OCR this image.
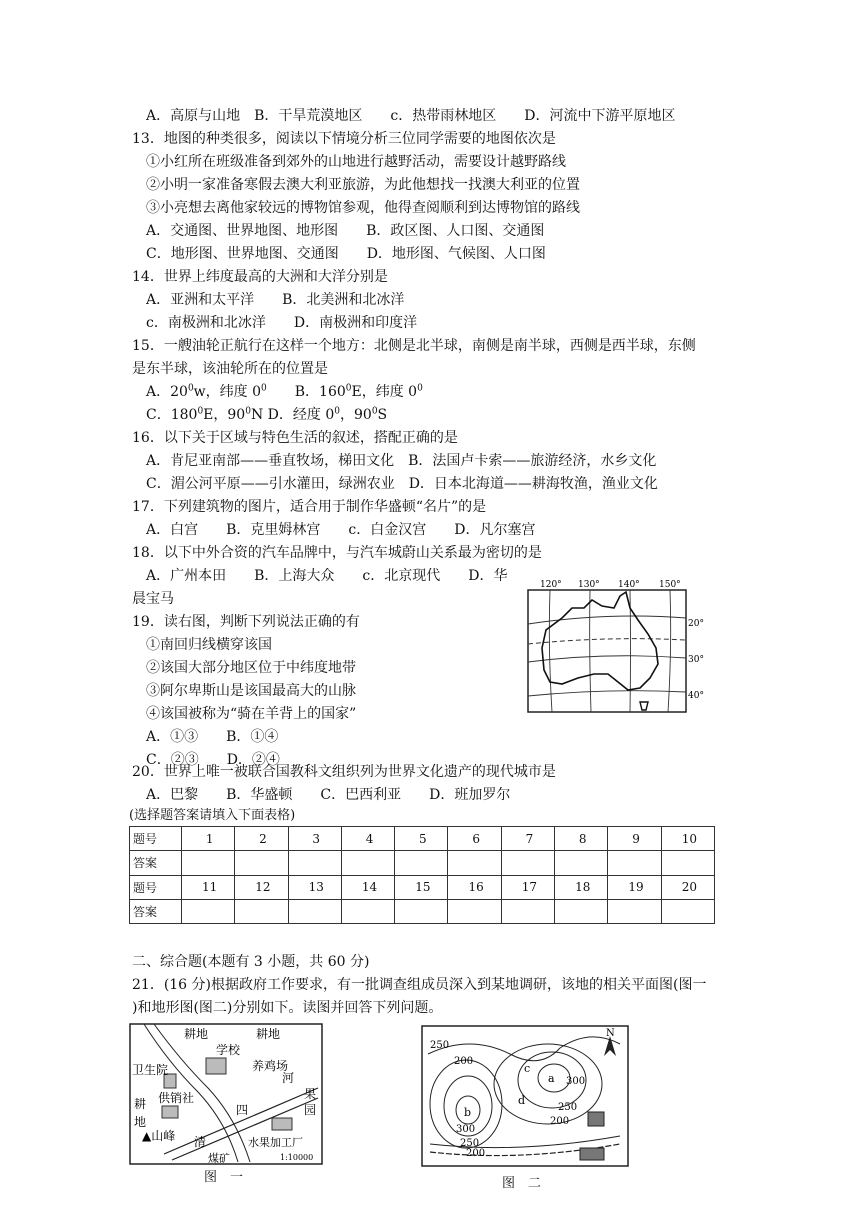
A．高原与山地　B．干旱荒漠地区　　c．热带雨林地区　　D．河流中下游平原地区
13．地图的种类很多，阅读以下情境分析三位同学需要的地图依次是
①小红所在班级准备到郊外的山地进行越野活动，需要设计越野路线
②小明一家准备寒假去澳大利亚旅游，为此他想找一找澳大利亚的位置
③小亮想去离他家较远的博物馆参观，他得查阅顺利到达博物馆的路线
A．交通图、世界地图、地形图　　B．政区图、人口图、交通图
C．地形图、世界地图、交通图　　D．地形图、气候图、人口图
14．世界上纬度最高的大洲和大洋分别是
A．亚洲和太平洋　　B．北美洲和北冰洋
c．南极洲和北冰洋　　D．南极洲和印度洋
15．一艘油轮正航行在这样一个地方：北侧是北半球，南侧是南半球，西侧是西半球，东侧
是东半球，该油轮所在的位置是
A．$20^0w$，纬度 $0^0$　　B．$160^0E$，纬度 $0^0$
C．$180^0E$，$90^0N$ D．经度 $0^0$，$90^0S$
16．以下关于区域与特色生活的叙述，搭配正确的是
A．肯尼亚南部——垂直牧场，梯田文化　B．法国卢卡索——旅游经济，水乡文化
C．湄公河平原——引水灌田，绿洲农业　D．日本北海道——耕海牧渔，渔业文化
17．下列建筑物的图片，适合用于制作华盛顿“名片”的是
A．白宫　　B．克里姆林宫　　c．白金汉宫　　D．凡尔塞宫
18．以下中外合资的汽车品牌中，与汽车城蔚山关系最为密切的是
A．广州本田　　B．上海大众　　c．北京现代　　D．华
晨宝马
19．读右图，判断下列说法正确的有
①南回归线横穿该国
②该国大部分地区位于中纬度地带
③阿尔卑斯山是该国最高大的山脉
④该国被称为“骑在羊背上的国家”
A．①③　　B．①④
C．②③　　D．②④
120° 130° 140° 150°
20°
30°
40°
20．世界上唯一被联合国教科文组织列为世界文化遗产的现代城市是
A．巴黎　　B．华盛顿　　C．巴西利亚　　D．班加罗尔
(选择题答案请填入下面表格)
题号	1	2	3	4	5	6	7	8	9	10
答案										
题号	11	12	13	14	15	16	17	18	19	20
答案										
二、综合题(本题有 3 小题，共 60 分)
21．(16 分)根据政府工作要求，有一批调查组成员深入到某地调研，该地的相关平面图(图一
)和地形图(图二)分别如下。读图并回答下列问题。
耕地	耕地
学校
卫生院	养鸡场
河
果
园
耕
地
供销社
四
▲山峰 清	水果加工厂
煤矿	1:10000
图　一
250
200
300
250
200
300
250
200
b
c
d
a
N
图　二
